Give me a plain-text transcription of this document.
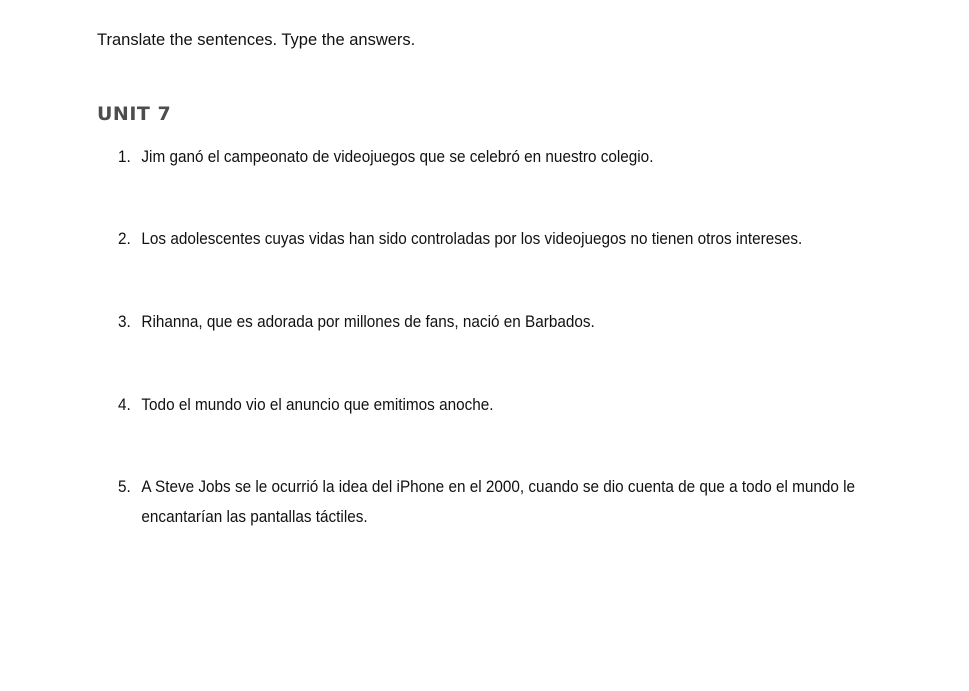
Translate the sentences. Type the answers.
UNIT 7
1. Jim ganó el campeonato de videojuegos que se celebró en nuestro colegio.
2. Los adolescentes cuyas vidas han sido controladas por los videojuegos no tienen otros intereses.
3. Rihanna, que es adorada por millones de fans, nació en Barbados.
4. Todo el mundo vio el anuncio que emitimos anoche.
5. A Steve Jobs se le ocurrió la idea del iPhone en el 2000, cuando se dio cuenta de que a todo el mundo le encantarían las pantallas táctiles.
